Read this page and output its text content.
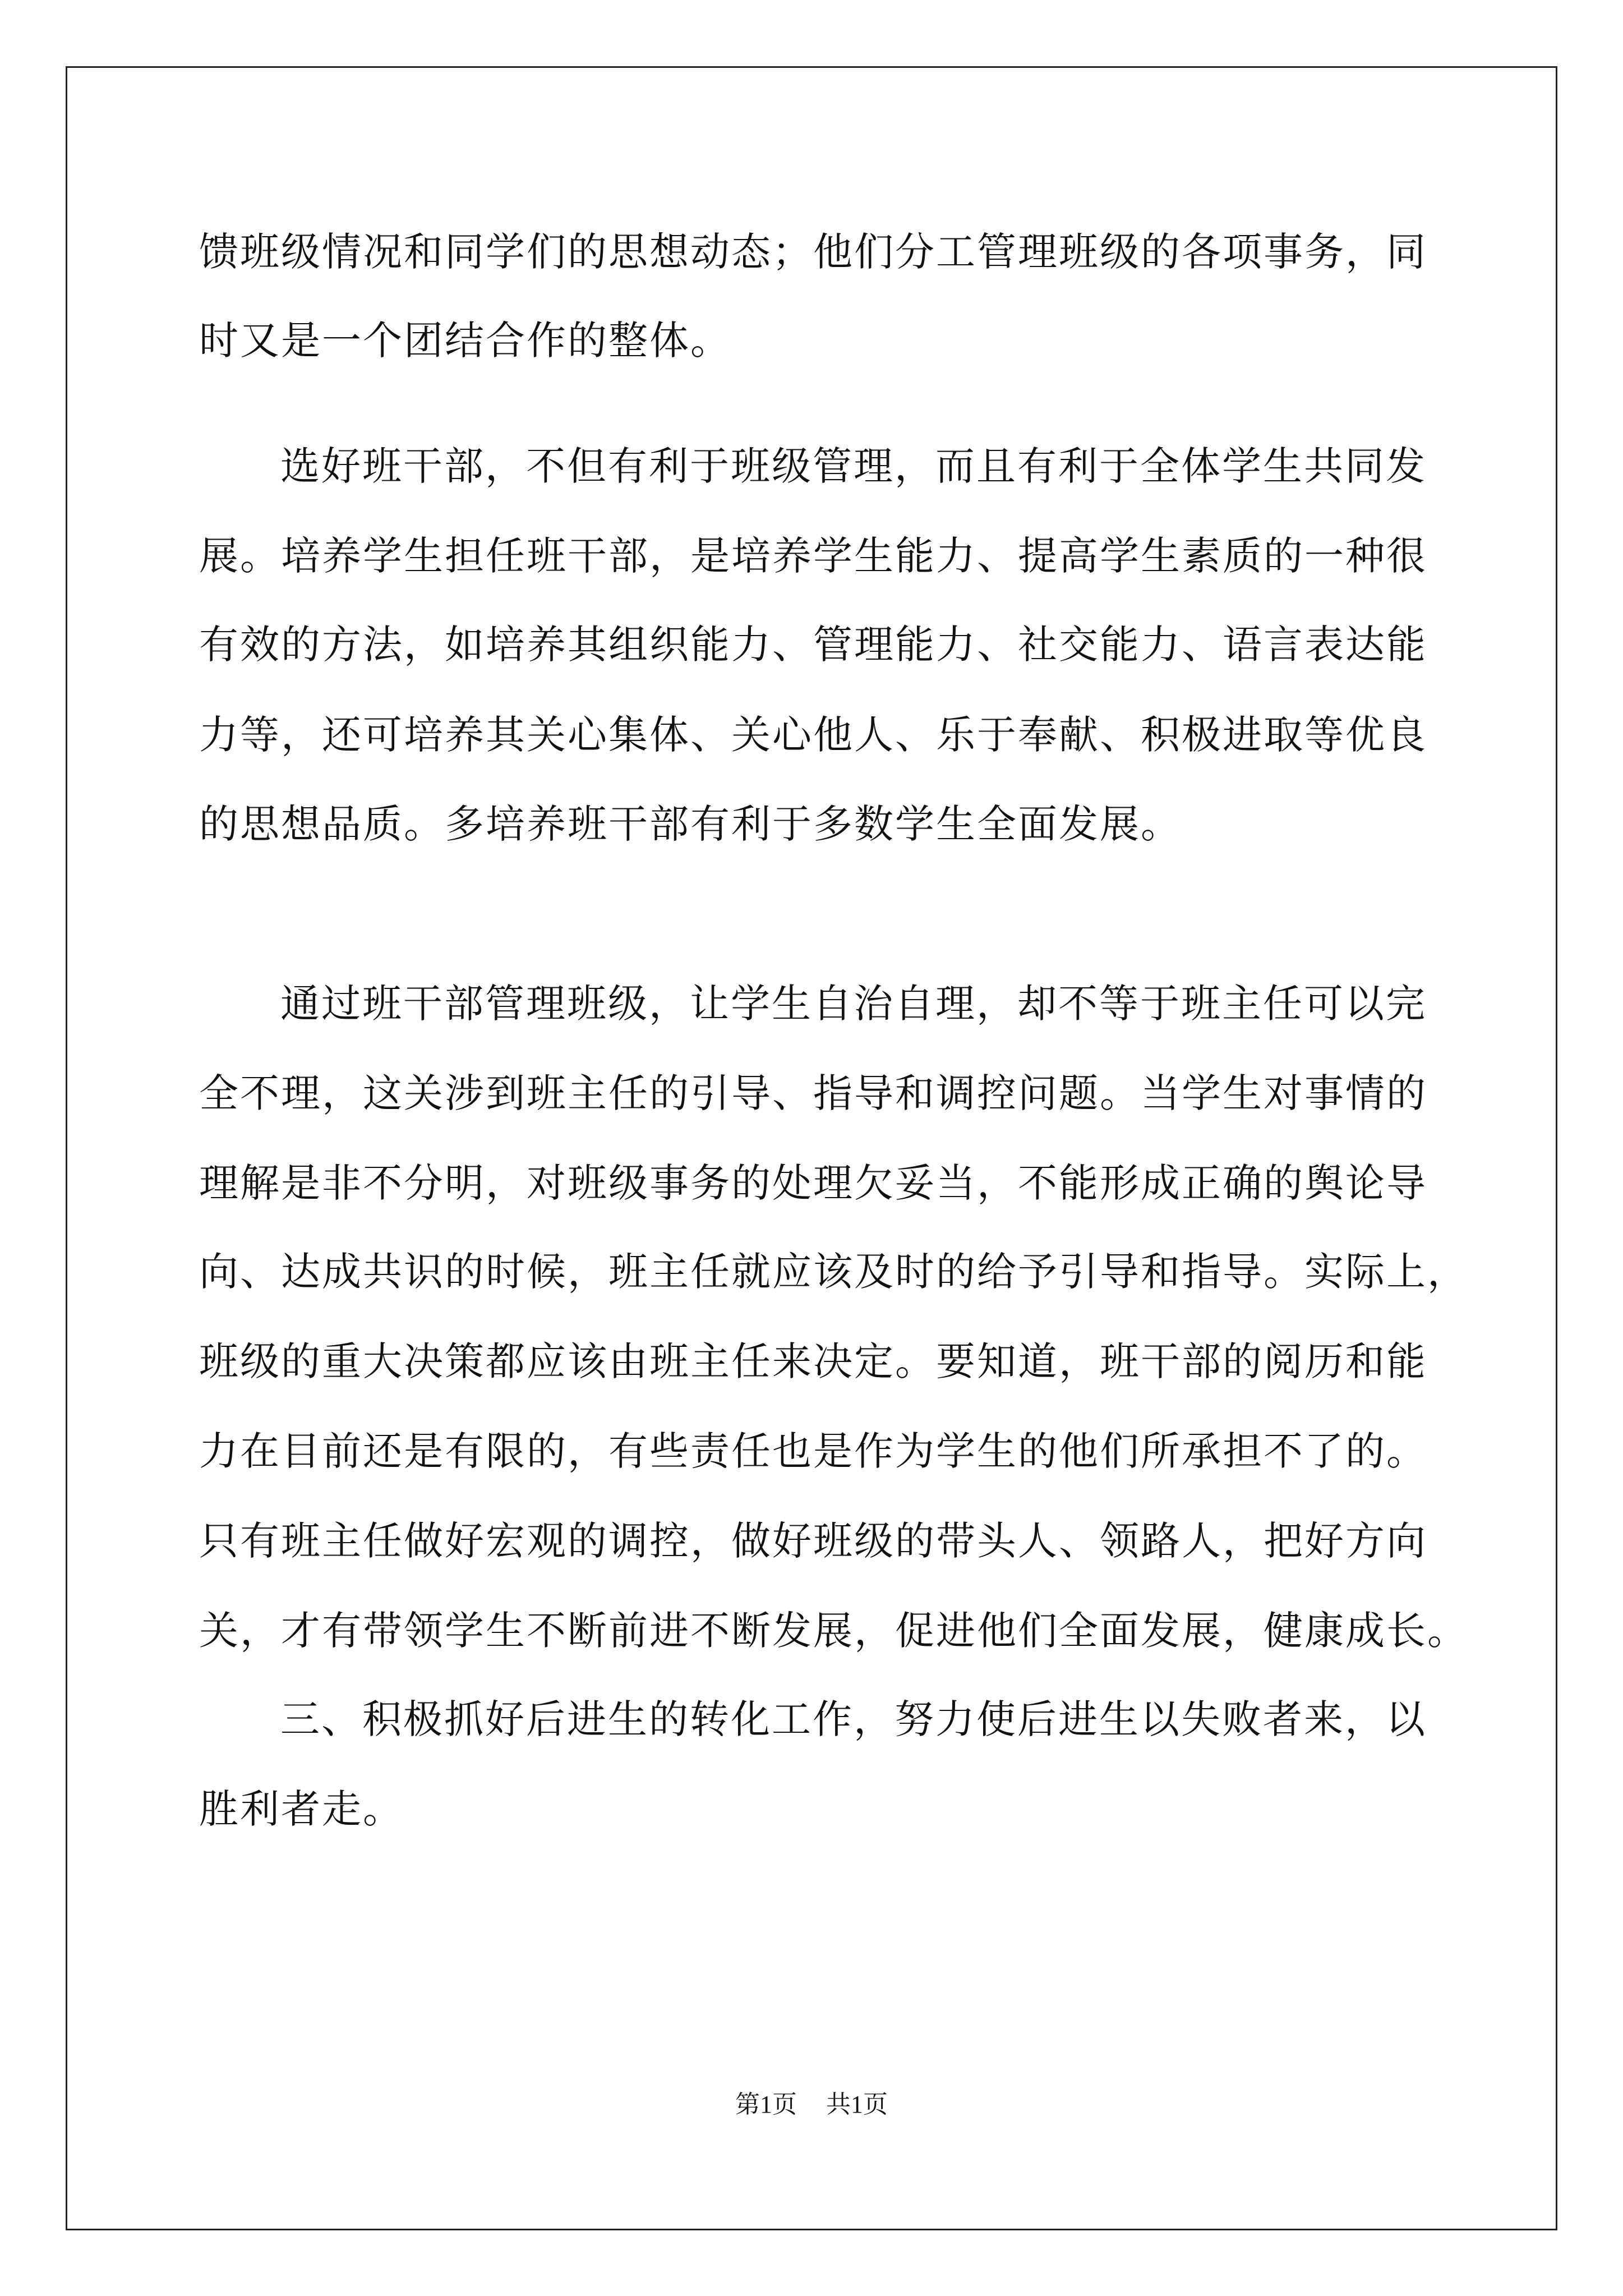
馈班级情况和同学们的思想动态；他们分工管理班级的各项事务，同
时又是一个团结合作的整体。
选好班干部，不但有利于班级管理，而且有利于全体学生共同发
展。培养学生担任班干部，是培养学生能力、提高学生素质的一种很
有效的方法，如培养其组织能力、管理能力、社交能力、语言表达能
力等，还可培养其关心集体、关心他人、乐于奉献、积极进取等优良
的思想品质。多培养班干部有利于多数学生全面发展。
通过班干部管理班级，让学生自治自理，却不等于班主任可以完
全不理，这关涉到班主任的引导、指导和调控问题。当学生对事情的
理解是非不分明，对班级事务的处理欠妥当，不能形成正确的舆论导
向、达成共识的时候，班主任就应该及时的给予引导和指导。实际上，
班级的重大决策都应该由班主任来决定。要知道，班干部的阅历和能
力在目前还是有限的，有些责任也是作为学生的他们所承担不了的。
只有班主任做好宏观的调控，做好班级的带头人、领路人，把好方向
关，才有带领学生不断前进不断发展，促进他们全面发展，健康成长。
三、积极抓好后进生的转化工作，努力使后进生以失败者来，以
胜利者走。
第1页 共1页
